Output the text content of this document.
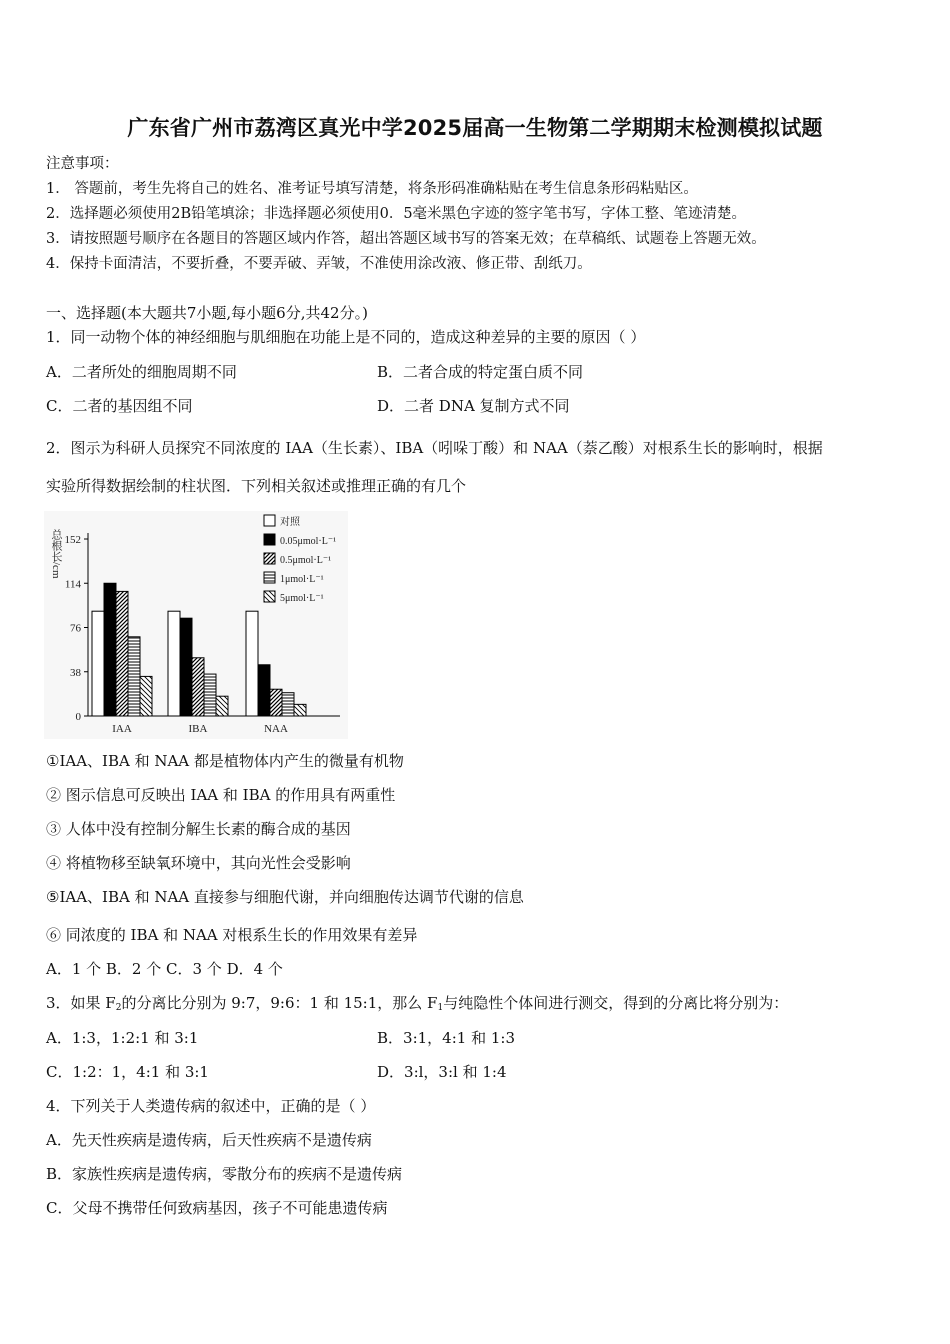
广东省广州市荔湾区真光中学2025届高一生物第二学期期末检测模拟试题
注意事项：
1． 答题前，考生先将自己的姓名、准考证号填写清楚，将条形码准确粘贴在考生信息条形码粘贴区。
2．选择题必须使用2B铅笔填涂；非选择题必须使用0．5毫米黑色字迹的签字笔书写，字体工整、笔迹清楚。
3．请按照题号顺序在各题目的答题区域内作答，超出答题区域书写的答案无效；在草稿纸、试题卷上答题无效。
4．保持卡面清洁，不要折叠，不要弄破、弄皱，不准使用涂改液、修正带、刮纸刀。
一、选择题(本大题共7小题,每小题6分,共42分。)
1．同一动物个体的神经细胞与肌细胞在功能上是不同的，造成这种差异的主要的原因（ ）
A．二者所处的细胞周期不同	B．二者合成的特定蛋白质不同
C．二者的基因组不同	D．二者 DNA 复制方式不同
2．图示为科研人员探究不同浓度的 IAA（生长素）、IBA（吲哚丁酸）和 NAA（萘乙酸）对根系生长的影响时，根据
实验所得数据绘制的柱状图．下列相关叙述或推理正确的有几个
0
38
76
114
152
总根长/cm
IAA	IBA	NAA
对照
0.05μmol·L⁻¹
0.5μmol·L⁻¹
1μmol·L⁻¹
5μmol·L⁻¹
①IAA、IBA 和 NAA 都是植物体内产生的微量有机物
② 图示信息可反映出 IAA 和 IBA 的作用具有两重性
③ 人体中没有控制分解生长素的酶合成的基因
④ 将植物移至缺氧环境中，其向光性会受影响
⑤IAA、IBA 和 NAA 直接参与细胞代谢，并向细胞传达调节代谢的信息
⑥ 同浓度的 IBA 和 NAA 对根系生长的作用效果有差异
A．1 个 B．2 个 C．3 个 D．4 个
3．如果 $F_2$的分离比分别为 9:7，9:6：1 和 15:1，那么 $F_1$与纯隐性个体间进行测交，得到的分离比将分别为：
A．1:3，1:2:1 和 3:1	B．3:1，4:1 和 1:3
C．1:2：1，4:1 和 3:1	D．3:l，3:l 和 1:4
4．下列关于人类遗传病的叙述中，正确的是（ ）
A．先天性疾病是遗传病，后天性疾病不是遗传病
B．家族性疾病是遗传病，零散分布的疾病不是遗传病
C．父母不携带任何致病基因，孩子不可能患遗传病
